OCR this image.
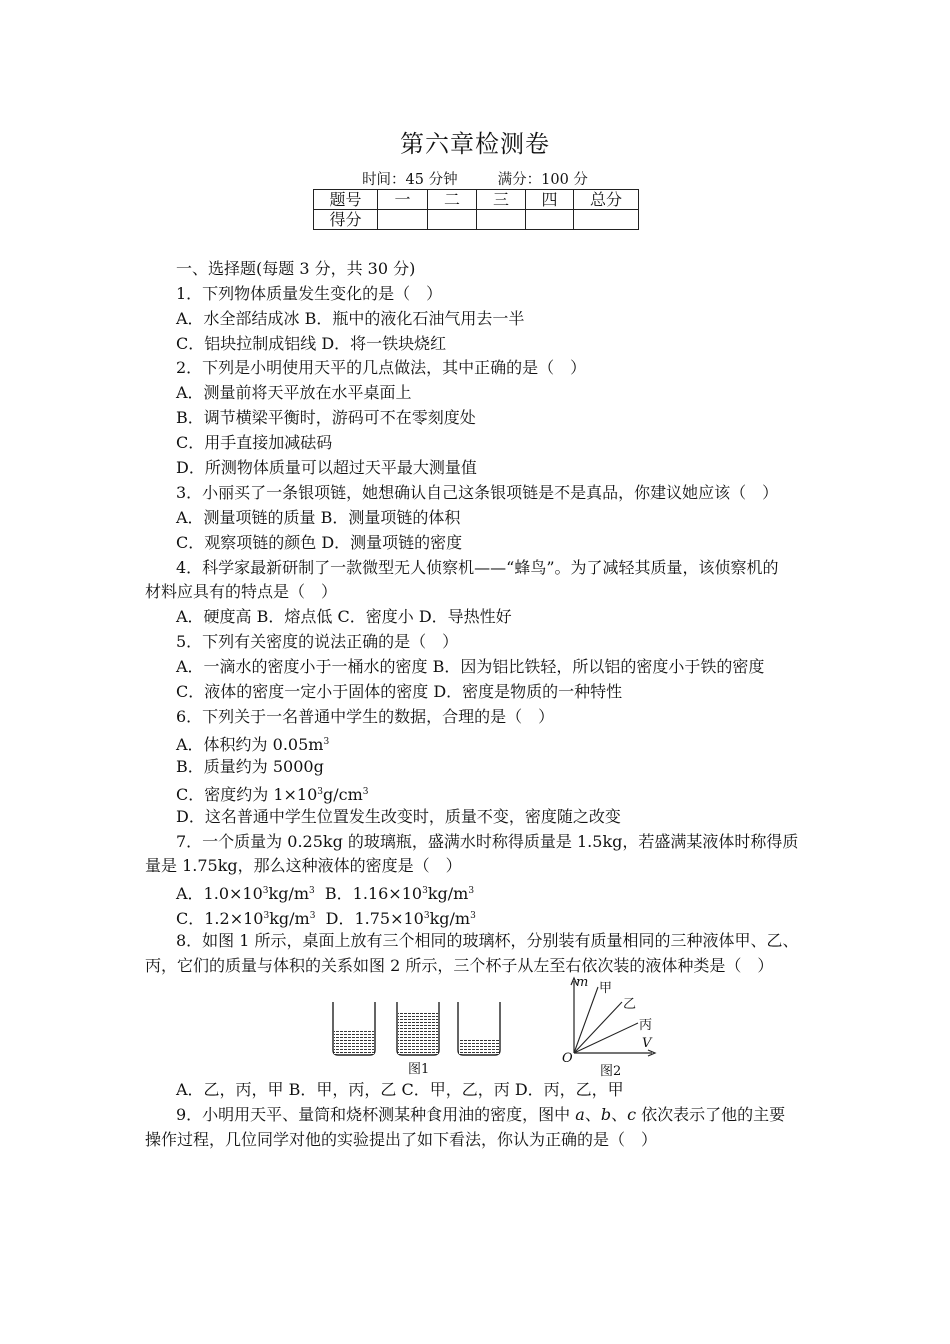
第六章检测卷
时间：45 分钟	满分：100 分
题号	一	二	三	四	总分
得分					
一、选择题(每题 3 分，共 30 分)
1．下列物体质量发生变化的是（　）
A．水全部结成冰 B．瓶中的液化石油气用去一半
C．铝块拉制成铝线 D．将一铁块烧红
2．下列是小明使用天平的几点做法，其中正确的是（　）
A．测量前将天平放在水平桌面上
B．调节横梁平衡时，游码可不在零刻度处
C．用手直接加减砝码
D．所测物体质量可以超过天平最大测量值
3．小丽买了一条银项链，她想确认自己这条银项链是不是真品，你建议她应该（　）
A．测量项链的质量 B．测量项链的体积
C．观察项链的颜色 D．测量项链的密度
4．科学家最新研制了一款微型无人侦察机——“蜂鸟”。为了减轻其质量，该侦察机的
材料应具有的特点是（　）
A．硬度高 B．熔点低 C．密度小 D．导热性好
5．下列有关密度的说法正确的是（　）
A．一滴水的密度小于一桶水的密度 B．因为铝比铁轻，所以铝的密度小于铁的密度
C．液体的密度一定小于固体的密度 D．密度是物质的一种特性
6．下列关于一名普通中学生的数据，合理的是（　）
A．体积约为 $0.05m^3$
B．质量约为 5000g
C．密度约为 $1\times 10^3g/cm^3$
D．这名普通中学生位置发生改变时，质量不变，密度随之改变
7．一个质量为 0.25kg 的玻璃瓶，盛满水时称得质量是 1.5kg，若盛满某液体时称得质
量是 1.75kg，那么这种液体的密度是（　）
A．$1.0\times 10^3kg/m^3$ B．$1.16\times 10^3kg/m^3$
C．$1.2\times 10^3kg/m^3$ D．$1.75\times 10^3kg/m^3$
8．如图 1 所示，桌面上放有三个相同的玻璃杯，分别装有质量相同的三种液体甲、乙、
丙，它们的质量与体积的关系如图 2 所示，三个杯子从左至右依次装的液体种类是（　）
图1
m
V
O
甲
乙
丙
图2
A．乙，丙，甲 B．甲，丙，乙 C．甲，乙，丙 D．丙，乙，甲
9．小明用天平、量筒和烧杯测某种食用油的密度，图中 a、b、c 依次表示了他的主要
操作过程，几位同学对他的实验提出了如下看法，你认为正确的是（　）
